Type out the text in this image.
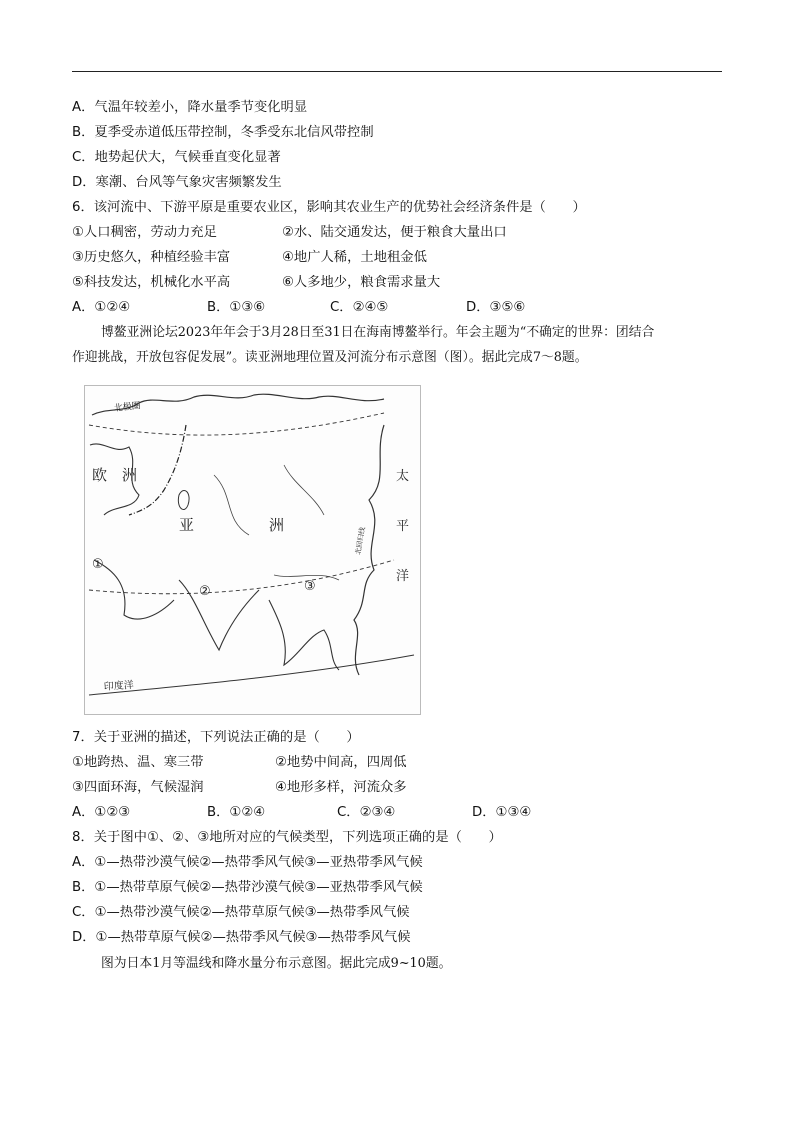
A．气温年较差小，降水量季节变化明显
B．夏季受赤道低压带控制，冬季受东北信风带控制
C．地势起伏大，气候垂直变化显著
D．寒潮、台风等气象灾害频繁发生
6．该河流中、下游平原是重要农业区，影响其农业生产的优势社会经济条件是（　　）
①人口稠密，劳动力充足	②水、陆交通发达，便于粮食大量出口
③历史悠久，种植经验丰富	④地广人稀，土地租金低
⑤科技发达，机械化水平高	⑥人多地少，粮食需求量大
A．①②④	B．①③⑥	C．②④⑤	D．③⑤⑥
博鳌亚洲论坛2023年年会于3月28日至31日在海南博鳌举行。年会主题为“不确定的世界：团结合
作迎挑战，开放包容促发展”。读亚洲地理位置及河流分布示意图（图）。据此完成7～8题。
北极圈
欧　洲
亚	洲
太
平
洋
北回归线
印度洋
①
②	③
7．关于亚洲的描述，下列说法正确的是（　　）
①地跨热、温、寒三带	②地势中间高，四周低
③四面环海，气候湿润	④地形多样，河流众多
A．①②③	B．①②④	C．②③④	D．①③④
8．关于图中①、②、③地所对应的气候类型，下列选项正确的是（　　）
A．①—热带沙漠气候②—热带季风气候③—亚热带季风气候
B．①—热带草原气候②—热带沙漠气候③—亚热带季风气候
C．①—热带沙漠气候②—热带草原气候③—热带季风气候
D．①—热带草原气候②—热带季风气候③—热带季风气候
图为日本1月等温线和降水量分布示意图。据此完成9~10题。
